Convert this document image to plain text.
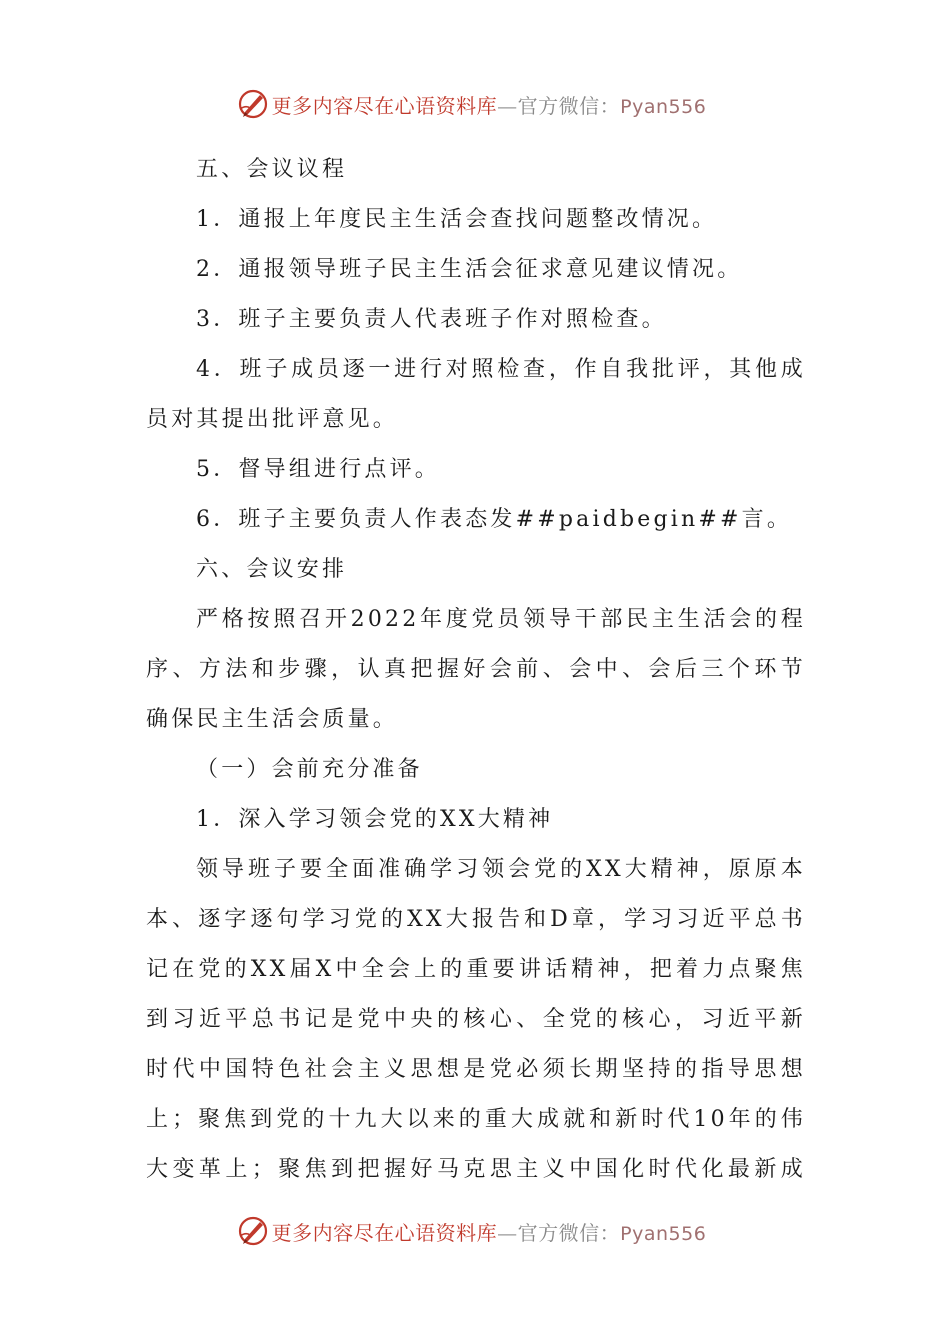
更多内容尽在心语资料库—官方微信：Pyan556
五、会议议程
1．通报上年度民主生活会查找问题整改情况。
2．通报领导班子民主生活会征求意见建议情况。
3．班子主要负责人代表班子作对照检查。
4．班子成员逐一进行对照检查，作自我批评，其他成
员对其提出批评意见。
5．督导组进行点评。
6．班子主要负责人作表态发##paidbegin##言。
六、会议安排
严格按照召开2022年度党员领导干部民主生活会的程
序、方法和步骤，认真把握好会前、会中、会后三个环节
确保民主生活会质量。
（一）会前充分准备
1．深入学习领会党的XX大精神
领导班子要全面准确学习领会党的XX大精神，原原本
本、逐字逐句学习党的XX大报告和D章，学习习近平总书
记在党的XX届X中全会上的重要讲话精神，把着力点聚焦
到习近平总书记是党中央的核心、全党的核心，习近平新
时代中国特色社会主义思想是党必须长期坚持的指导思想
上；聚焦到党的十九大以来的重大成就和新时代10年的伟
大变革上；聚焦到把握好马克思主义中国化时代化最新成
更多内容尽在心语资料库—官方微信：Pyan556
